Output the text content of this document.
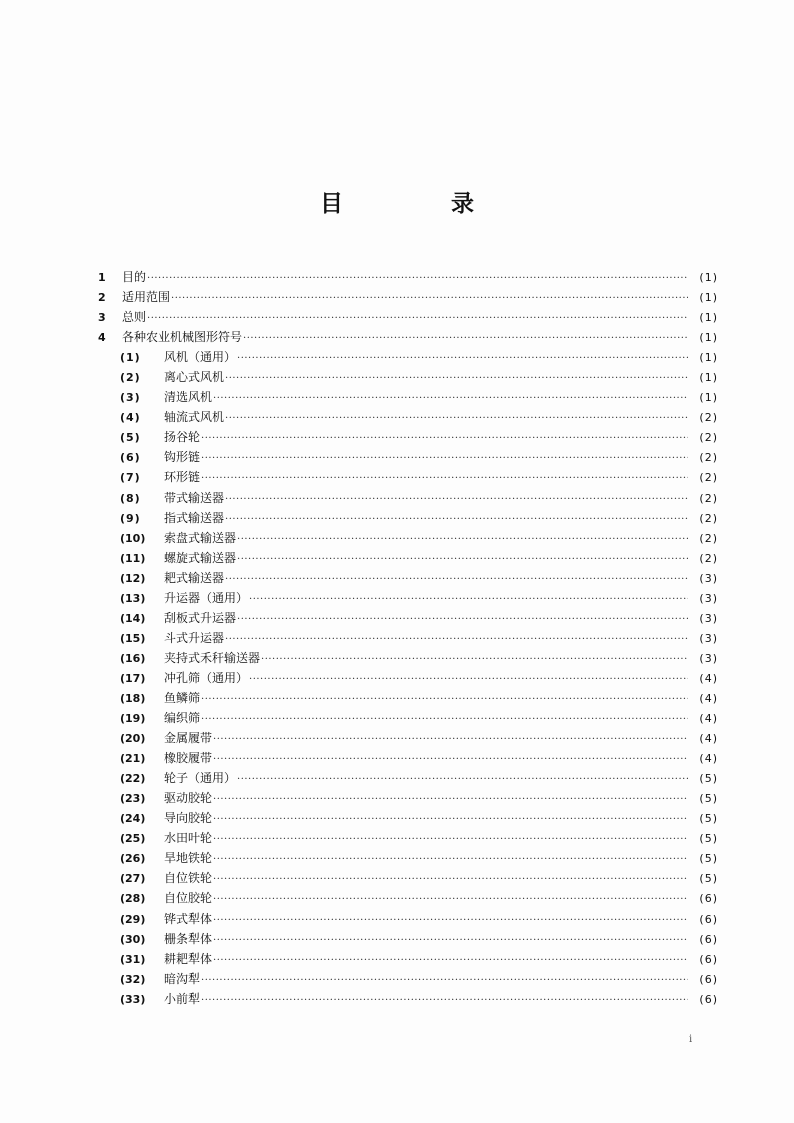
目 录
1	目的 ·····	(1)
2	适用范围 ·····	(1)
3	总则 ·····	(1)
4	各种农业机械图形符号 ·····	(1)
(1)	风机（通用） ·····	(1)
(2)	离心式风机 ·····	(1)
(3)	清选风机 ·····	(1)
(4)	轴流式风机 ·····	(2)
(5)	扬谷轮 ·····	(2)
(6)	钩形链 ·····	(2)
(7)	环形链 ·····	(2)
(8)	带式输送器 ·····	(2)
(9)	指式输送器 ·····	(2)
(10)	索盘式输送器 ·····	(2)
(11)	螺旋式输送器 ·····	(2)
(12)	耙式输送器 ·····	(3)
(13)	升运器（通用） ·····	(3)
(14)	刮板式升运器 ·····	(3)
(15)	斗式升运器 ·····	(3)
(16)	夹持式禾秆输送器 ·····	(3)
(17)	冲孔筛（通用） ·····	(4)
(18)	鱼鳞筛 ·····	(4)
(19)	编织筛 ·····	(4)
(20)	金属履带 ·····	(4)
(21)	橡胶履带 ·····	(4)
(22)	轮子（通用） ·····	(5)
(23)	驱动胶轮 ·····	(5)
(24)	导向胶轮 ·····	(5)
(25)	水田叶轮 ·····	(5)
(26)	旱地铁轮 ·····	(5)
(27)	自位铁轮 ·····	(5)
(28)	自位胶轮 ·····	(6)
(29)	铧式犁体 ·····	(6)
(30)	栅条犁体 ·····	(6)
(31)	耕耙犁体 ·····	(6)
(32)	暗沟犁 ·····	(6)
(33)	小前犁 ·····	(6)
i
